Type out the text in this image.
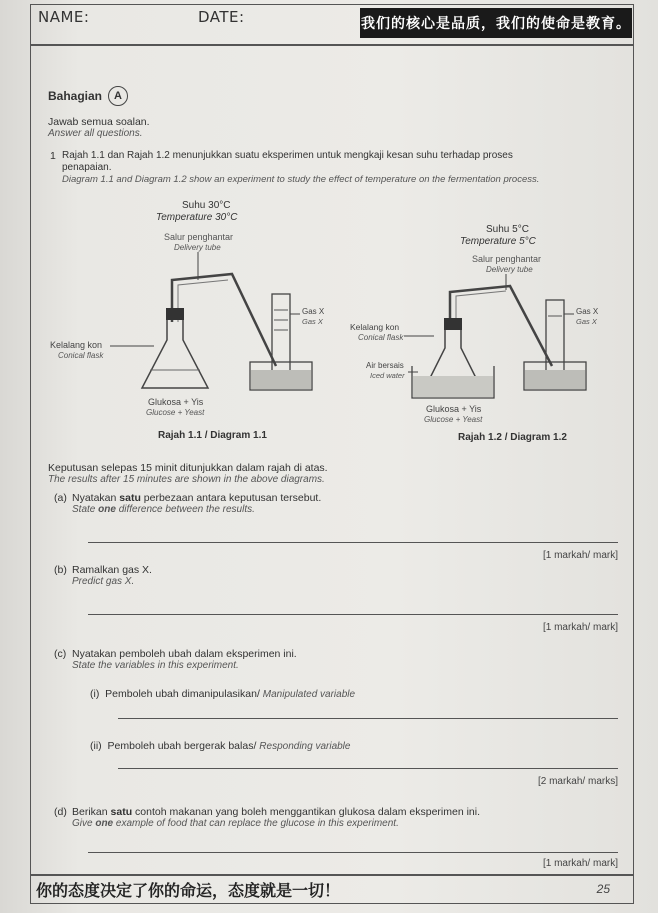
NAME:	DATE:	我们的核心是品质，我们的使命是教育。
Bahagian	A
Jawab semua soalan.
Answer all questions.
1 Rajah 1.1 dan Rajah 1.2 menunjukkan suatu eksperimen untuk mengkaji kesan suhu terhadap proses
penapaian.
Diagram 1.1 and Diagram 1.2 show an experiment to study the effect of temperature on the fermentation process.
Suhu 30°C
Temperature 30°C
Salur penghantar
Delivery tube
Kelalang kon
Conical flask
Glukosa + Yis
Glucose + Yeast
Gas X
Gas X
Rajah 1.1 / Diagram 1.1
Suhu 5°C
Temperature 5°C
Salur penghantar
Delivery tube
Kelalang kon
Conical flask
Air bersais
Iced water
Glukosa + Yis
Glucose + Yeast
Gas X
Gas X
Rajah 1.2 / Diagram 1.2
Keputusan selepas 15 minit ditunjukkan dalam rajah di atas.
The results after 15 minutes are shown in the above diagrams.
(a) Nyatakan satu perbezaan antara keputusan tersebut.
State one difference between the results.
[1 markah/ mark]
(b) Ramalkan gas X.
Predict gas X.
[1 markah/ mark]
(c) Nyatakan pemboleh ubah dalam eksperimen ini.
State the variables in this experiment.
(i) Pemboleh ubah dimanipulasikan/ Manipulated variable
(ii) Pemboleh ubah bergerak balas/ Responding variable
[2 markah/ marks]
(d) Berikan satu contoh makanan yang boleh menggantikan glukosa dalam eksperimen ini.
Give one example of food that can replace the glucose in this experiment.
[1 markah/ mark]
你的态度决定了你的命运，态度就是一切！	25
